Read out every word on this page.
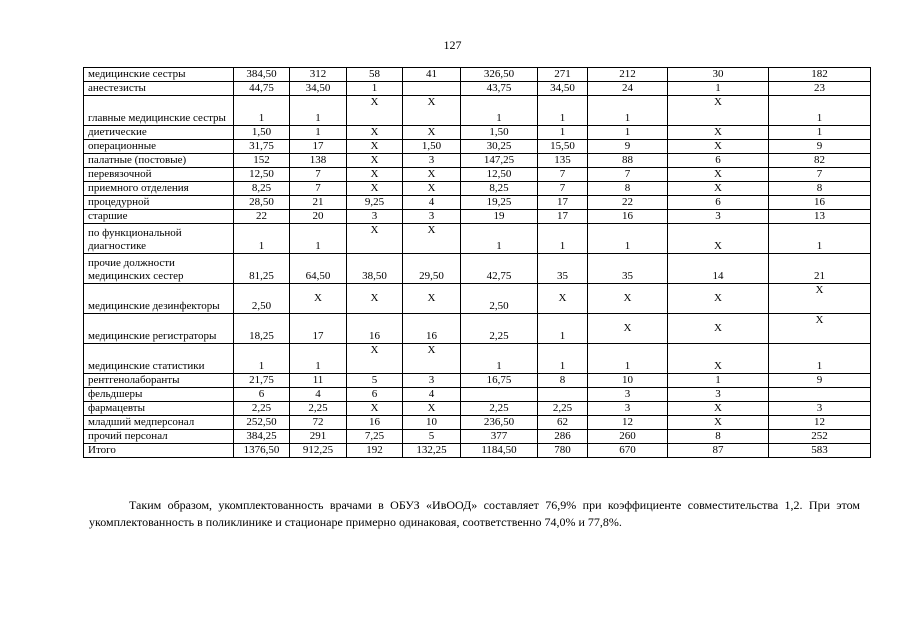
127
медицинские сестры	384,50	312	58	41	326,50	271	212	30	182
анестезисты	44,75	34,50	1		43,75	34,50	24	1	23
главные медицинские сестры	1	1	X	X	1	1	1	X	1
диетические	1,50	1	X	X	1,50	1	1	X	1
операционные	31,75	17	X	1,50	30,25	15,50	9	X	9
палатные (постовые)	152	138	X	3	147,25	135	88	6	82
перевязочной	12,50	7	X	X	12,50	7	7	X	7
приемного отделения	8,25	7	X	X	8,25	7	8	X	8
процедурной	28,50	21	9,25	4	19,25	17	22	6	16
старшие	22	20	3	3	19	17	16	3	13
по функциональной диагностике	1	1	X	X	1	1	1	X	1
прочие должности медицинских сестер	81,25	64,50	38,50	29,50	42,75	35	35	14	21
медицинские дезинфекторы	2,50	X	X	X	2,50	X	X	X	X
медицинские регистраторы	18,25	17	16	16	2,25	1	X	X	X
медицинские статистики	1	1	X	X	1	1	1	X	1
рентгенолаборанты	21,75	11	5	3	16,75	8	10	1	9
фельдшеры	6	4	6	4			3	3	
фармацевты	2,25	2,25	X	X	2,25	2,25	3	X	3
младший медперсонал	252,50	72	16	10	236,50	62	12	X	12
прочий персонал	384,25	291	7,25	5	377	286	260	8	252
Итого	1376,50	912,25	192	132,25	1184,50	780	670	87	583

Таким образом, укомплектованность врачами в ОБУЗ «ИвООД» составляет 76,9% при коэффициенте совместительства 1,2. При этом укомплектованность в поликлинике и стационаре примерно одинаковая, соответственно 74,0% и 77,8%.
